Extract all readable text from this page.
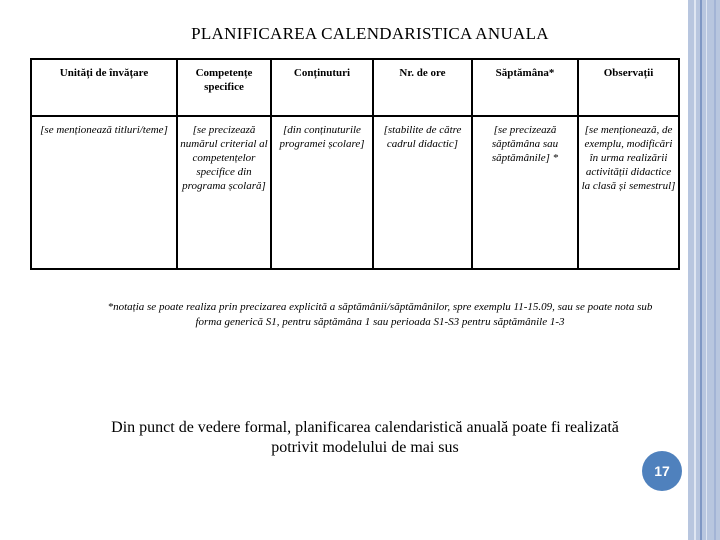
PLANIFICAREA CALENDARISTICA ANUALA
Unități de învățare	Competențe specifice	Conținuturi	Nr. de ore	Săptămâna*	Observații
[se menționează titluri/teme]	[se precizează numărul criterial al competențelor specifice din programa școlară]	[din conținuturile programei școlare]	[stabilite de către cadrul didactic]	[se precizează săptămâna sau săptămânile] *	[se menționează, de exemplu, modificări în urma realizării activității didactice la clasă și semestrul]
*notația se poate realiza prin precizarea explicită a săptămânii/săptămânilor, spre exemplu 11-15.09, sau se poate nota sub forma generică S1, pentru săptămâna 1 sau perioada S1-S3 pentru săptămânile 1-3
Din punct de vedere formal, planificarea calendaristică anuală poate fi realizată potrivit modelului de mai sus
17
